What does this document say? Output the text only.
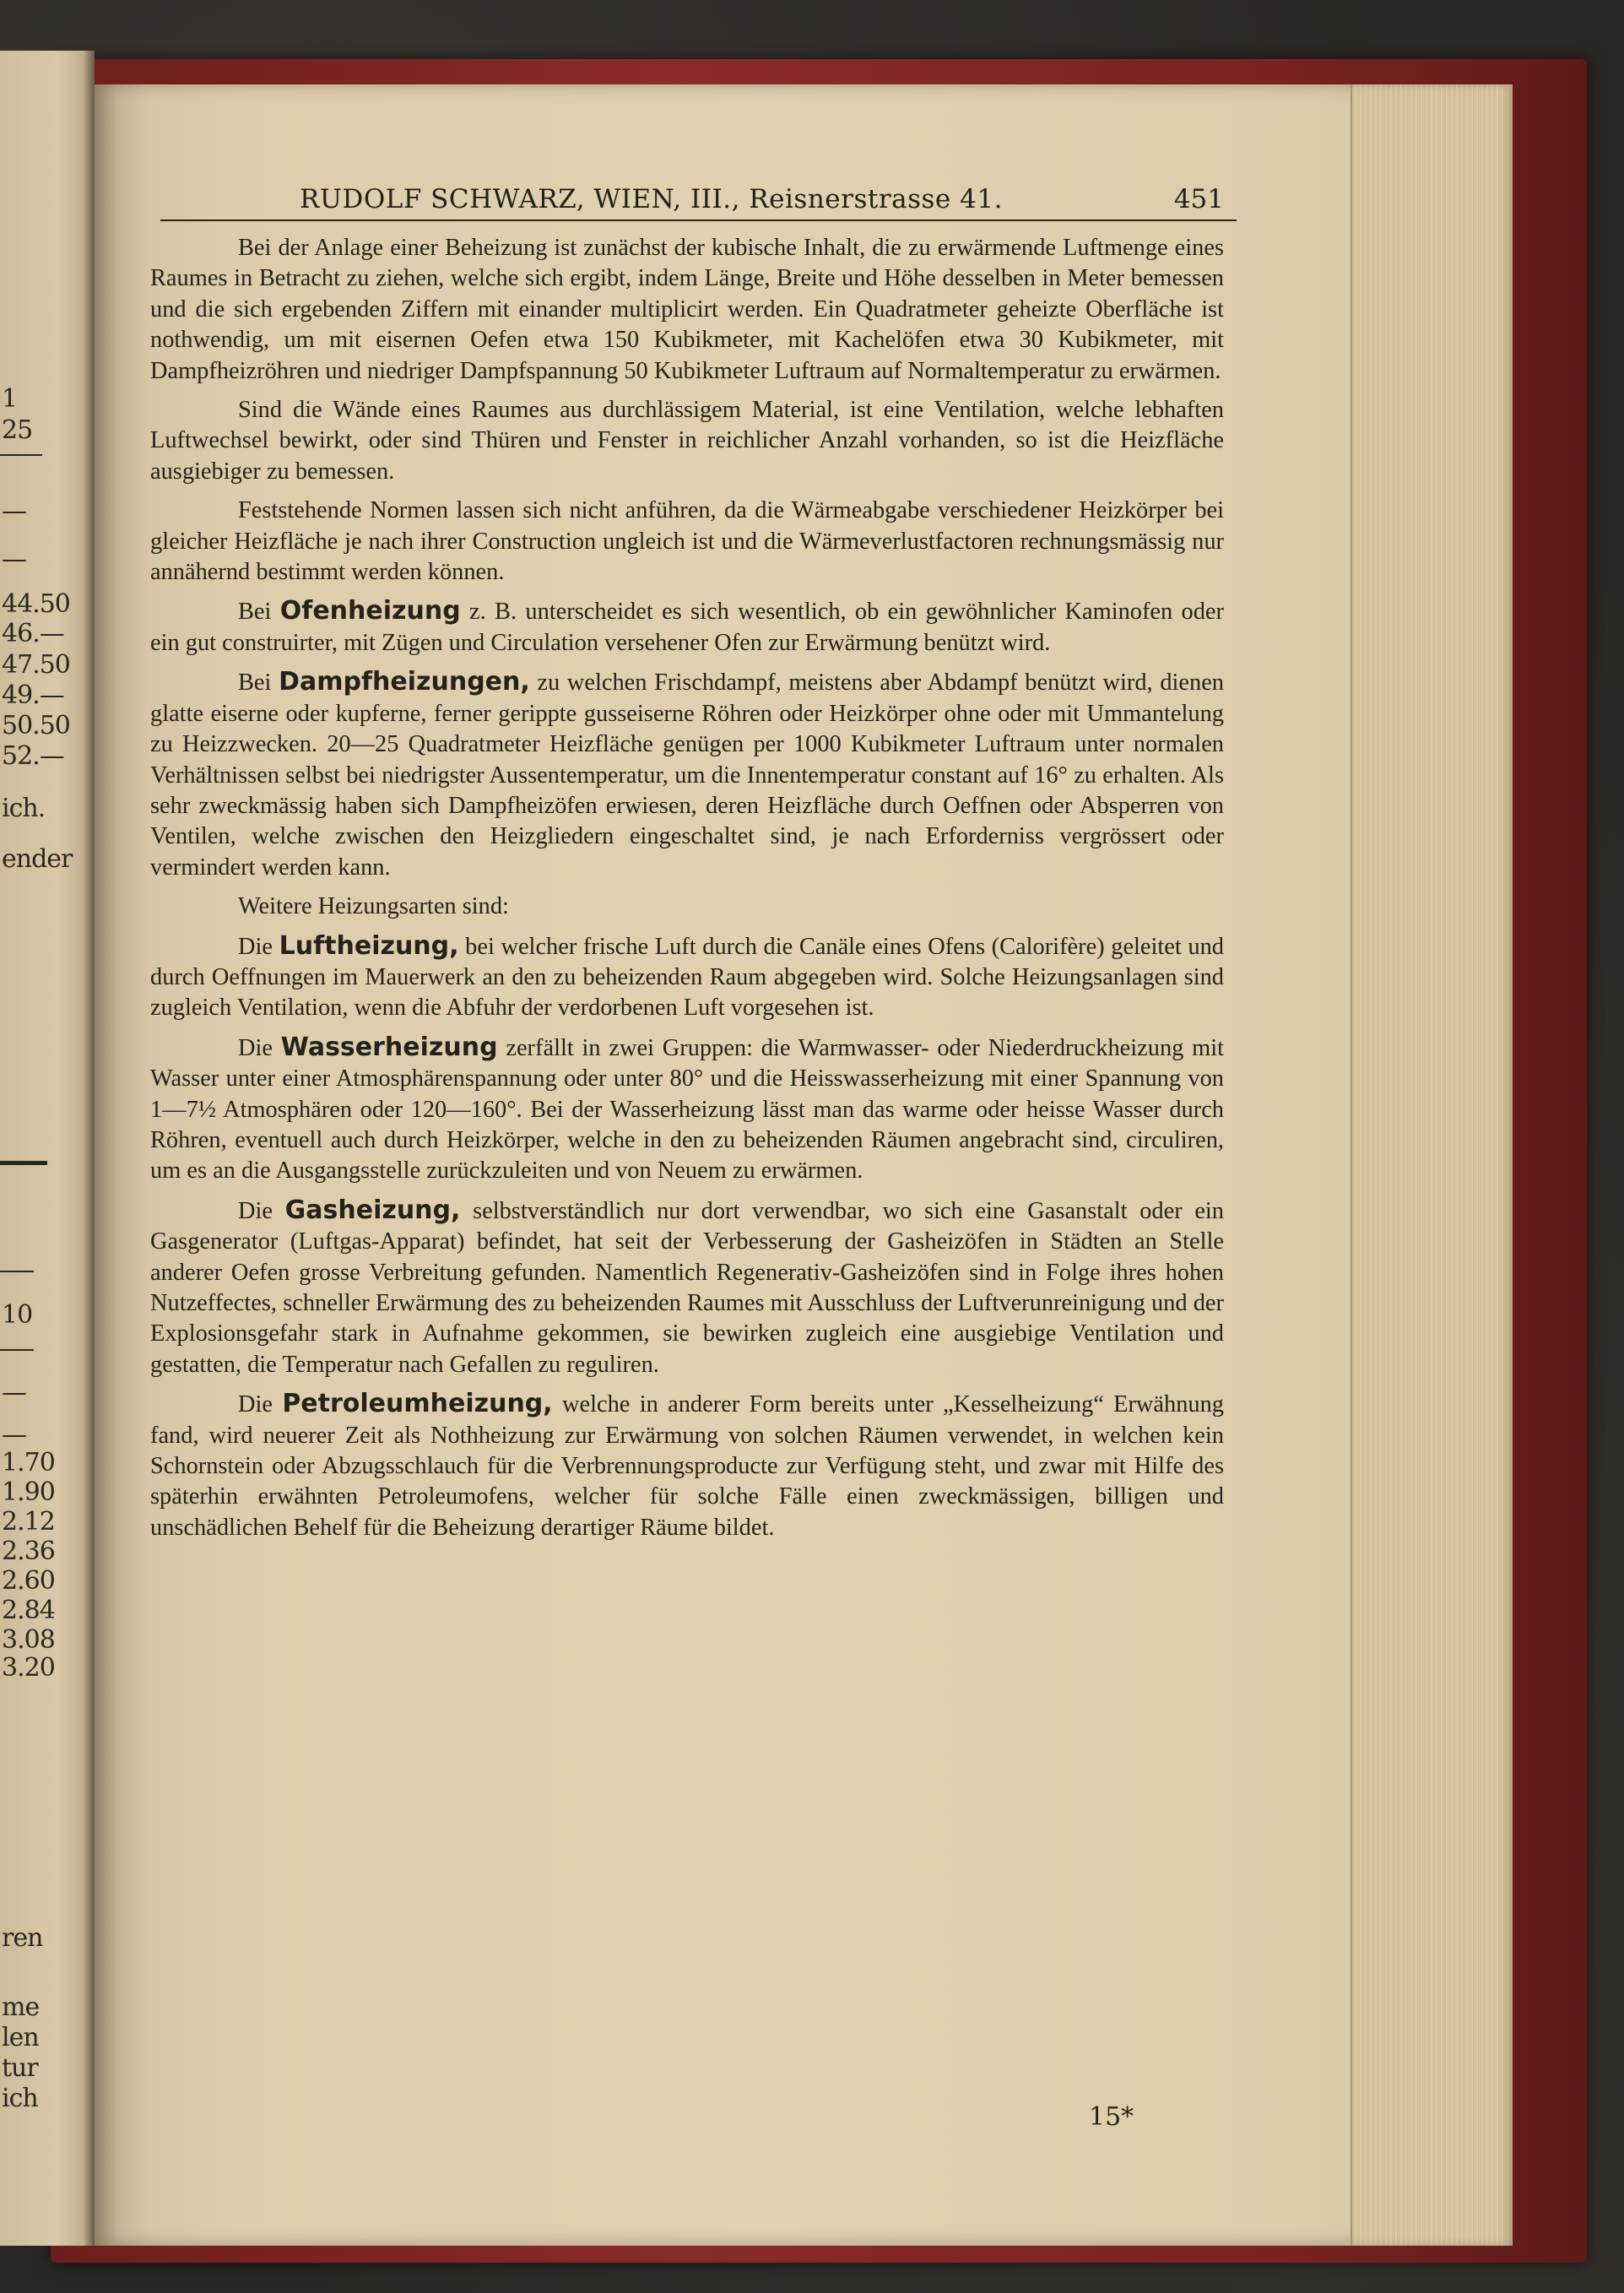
1
25
—
—
44.50
46.—
47.50
49.—
50.50
52.—
ich.
ender
10
—
—
1.70
1.90
2.12
2.36
2.60
2.84
3.08
3.20
ren
me
len
tur
ich
RUDOLF SCHWARZ, WIEN, III., Reisnerstrasse 41.	451

Bei der Anlage einer Beheizung ist zunächst der kubische Inhalt, die zu erwärmende Luftmenge eines Raumes in Betracht zu ziehen, welche sich ergibt, indem Länge, Breite und Höhe desselben in Meter bemessen und die sich ergebenden Ziffern mit einander multiplicirt werden. Ein Quadratmeter geheizte Oberfläche ist nothwendig, um mit eisernen Oefen etwa 150 Kubikmeter, mit Kachelöfen etwa 30 Kubikmeter, mit Dampfheizröhren und niedriger Dampfspannung 50 Kubikmeter Luftraum auf Normaltemperatur zu erwärmen.

Sind die Wände eines Raumes aus durchlässigem Material, ist eine Ventilation, welche lebhaften Luftwechsel bewirkt, oder sind Thüren und Fenster in reichlicher Anzahl vorhanden, so ist die Heizfläche ausgiebiger zu bemessen.

Feststehende Normen lassen sich nicht anführen, da die Wärmeabgabe verschiedener Heizkörper bei gleicher Heizfläche je nach ihrer Construction ungleich ist und die Wärmeverlustfactoren rechnungsmässig nur annähernd bestimmt werden können.

Bei Ofenheizung z. B. unterscheidet es sich wesentlich, ob ein gewöhnlicher Kaminofen oder ein gut construirter, mit Zügen und Circulation versehener Ofen zur Erwärmung benützt wird.

Bei Dampfheizungen, zu welchen Frischdampf, meistens aber Abdampf benützt wird, dienen glatte eiserne oder kupferne, ferner gerippte gusseiserne Röhren oder Heizkörper ohne oder mit Ummantelung zu Heizzwecken. 20—25 Quadratmeter Heizfläche genügen per 1000 Kubikmeter Luftraum unter normalen Verhältnissen selbst bei niedrigster Aussentemperatur, um die Innentemperatur constant auf 16° zu erhalten. Als sehr zweckmässig haben sich Dampfheizöfen erwiesen, deren Heizfläche durch Oeffnen oder Absperren von Ventilen, welche zwischen den Heizgliedern eingeschaltet sind, je nach Erforderniss vergrössert oder vermindert werden kann.

Weitere Heizungsarten sind:

Die Luftheizung, bei welcher frische Luft durch die Canäle eines Ofens (Calorifère) geleitet und durch Oeffnungen im Mauerwerk an den zu beheizenden Raum abgegeben wird. Solche Heizungsanlagen sind zugleich Ventilation, wenn die Abfuhr der verdorbenen Luft vorgesehen ist.

Die Wasserheizung zerfällt in zwei Gruppen: die Warmwasser- oder Niederdruckheizung mit Wasser unter einer Atmosphärenspannung oder unter 80° und die Heisswasserheizung mit einer Spannung von 1—7½ Atmosphären oder 120—160°. Bei der Wasserheizung lässt man das warme oder heisse Wasser durch Röhren, eventuell auch durch Heizkörper, welche in den zu beheizenden Räumen angebracht sind, circuliren, um es an die Ausgangsstelle zurückzuleiten und von Neuem zu erwärmen.

Die Gasheizung, selbstverständlich nur dort verwendbar, wo sich eine Gasanstalt oder ein Gasgenerator (Luftgas-Apparat) befindet, hat seit der Verbesserung der Gasheizöfen in Städten an Stelle anderer Oefen grosse Verbreitung gefunden. Namentlich Regenerativ-Gasheizöfen sind in Folge ihres hohen Nutzeffectes, schneller Erwärmung des zu beheizenden Raumes mit Ausschluss der Luftverunreinigung und der Explosionsgefahr stark in Aufnahme gekommen, sie bewirken zugleich eine ausgiebige Ventilation und gestatten, die Temperatur nach Gefallen zu reguliren.

Die Petroleumheizung, welche in anderer Form bereits unter „Kesselheizung“ Erwähnung fand, wird neuerer Zeit als Nothheizung zur Erwärmung von solchen Räumen verwendet, in welchen kein Schornstein oder Abzugsschlauch für die Verbrennungsproducte zur Verfügung steht, und zwar mit Hilfe des späterhin erwähnten Petroleumofens, welcher für solche Fälle einen zweckmässigen, billigen und unschädlichen Behelf für die Beheizung derartiger Räume bildet.

15*
